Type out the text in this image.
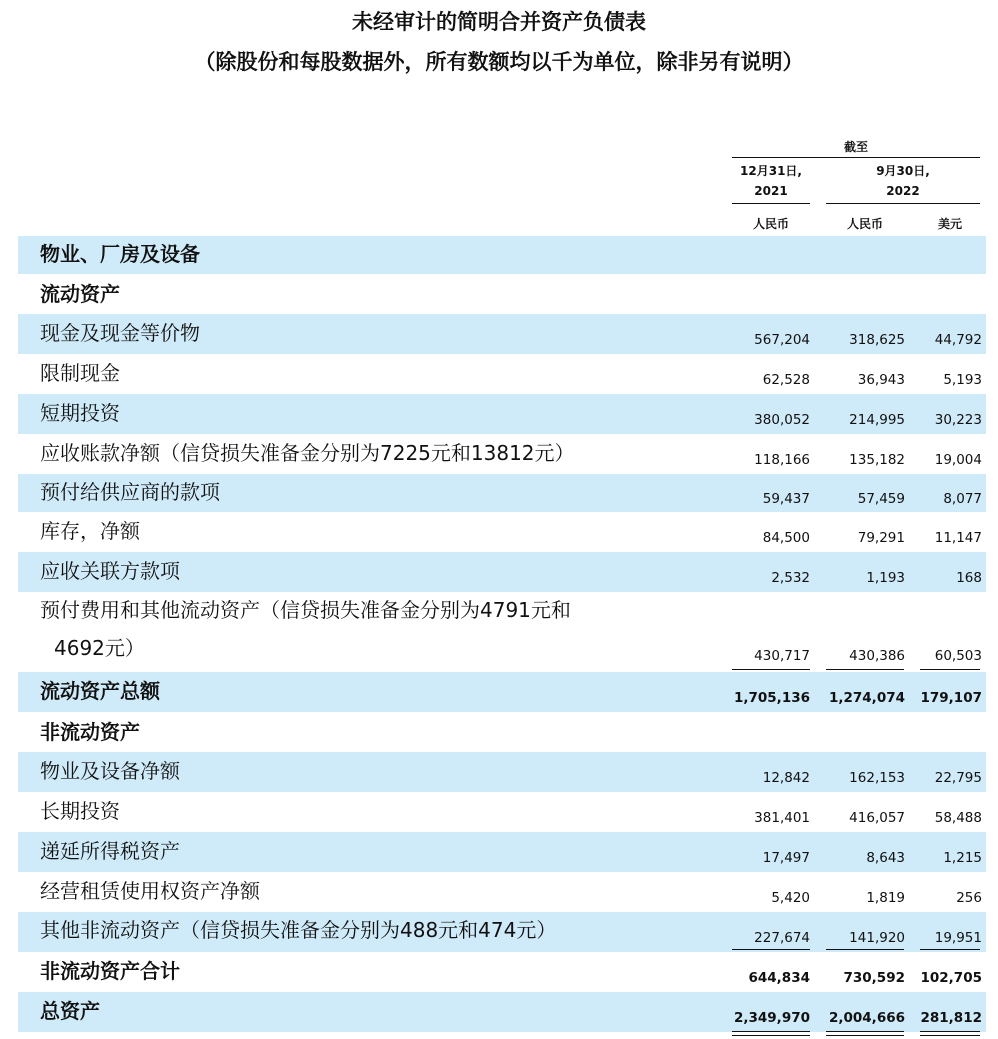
未经审计的简明合并资产负债表
（除股份和每股数据外，所有数额均以千为单位，除非另有说明）
截至
12月31日,
2021
9月30日,
2022
人民币	人民币	美元
物业、厂房及设备
流动资产
现金及现金等价物	567,204	318,625	44,792
限制现金	62,528	36,943	5,193
短期投资	380,052	214,995	30,223
应收账款净额（信贷损失准备金分别为7225元和13812元）	118,166	135,182	19,004
预付给供应商的款项	59,437	57,459	8,077
库存，净额	84,500	79,291	11,147
应收关联方款项	2,532	1,193	168
预付费用和其他流动资产（信贷损失准备金分别为4791元和
4692元）	430,717	430,386	60,503
流动资产总额	1,705,136	1,274,074	179,107
非流动资产
物业及设备净额	12,842	162,153	22,795
长期投资	381,401	416,057	58,488
递延所得税资产	17,497	8,643	1,215
经营租赁使用权资产净额	5,420	1,819	256
其他非流动资产（信贷损失准备金分别为488元和474元）	227,674	141,920	19,951
非流动资产合计	644,834	730,592	102,705
总资产	2,349,970	2,004,666	281,812
